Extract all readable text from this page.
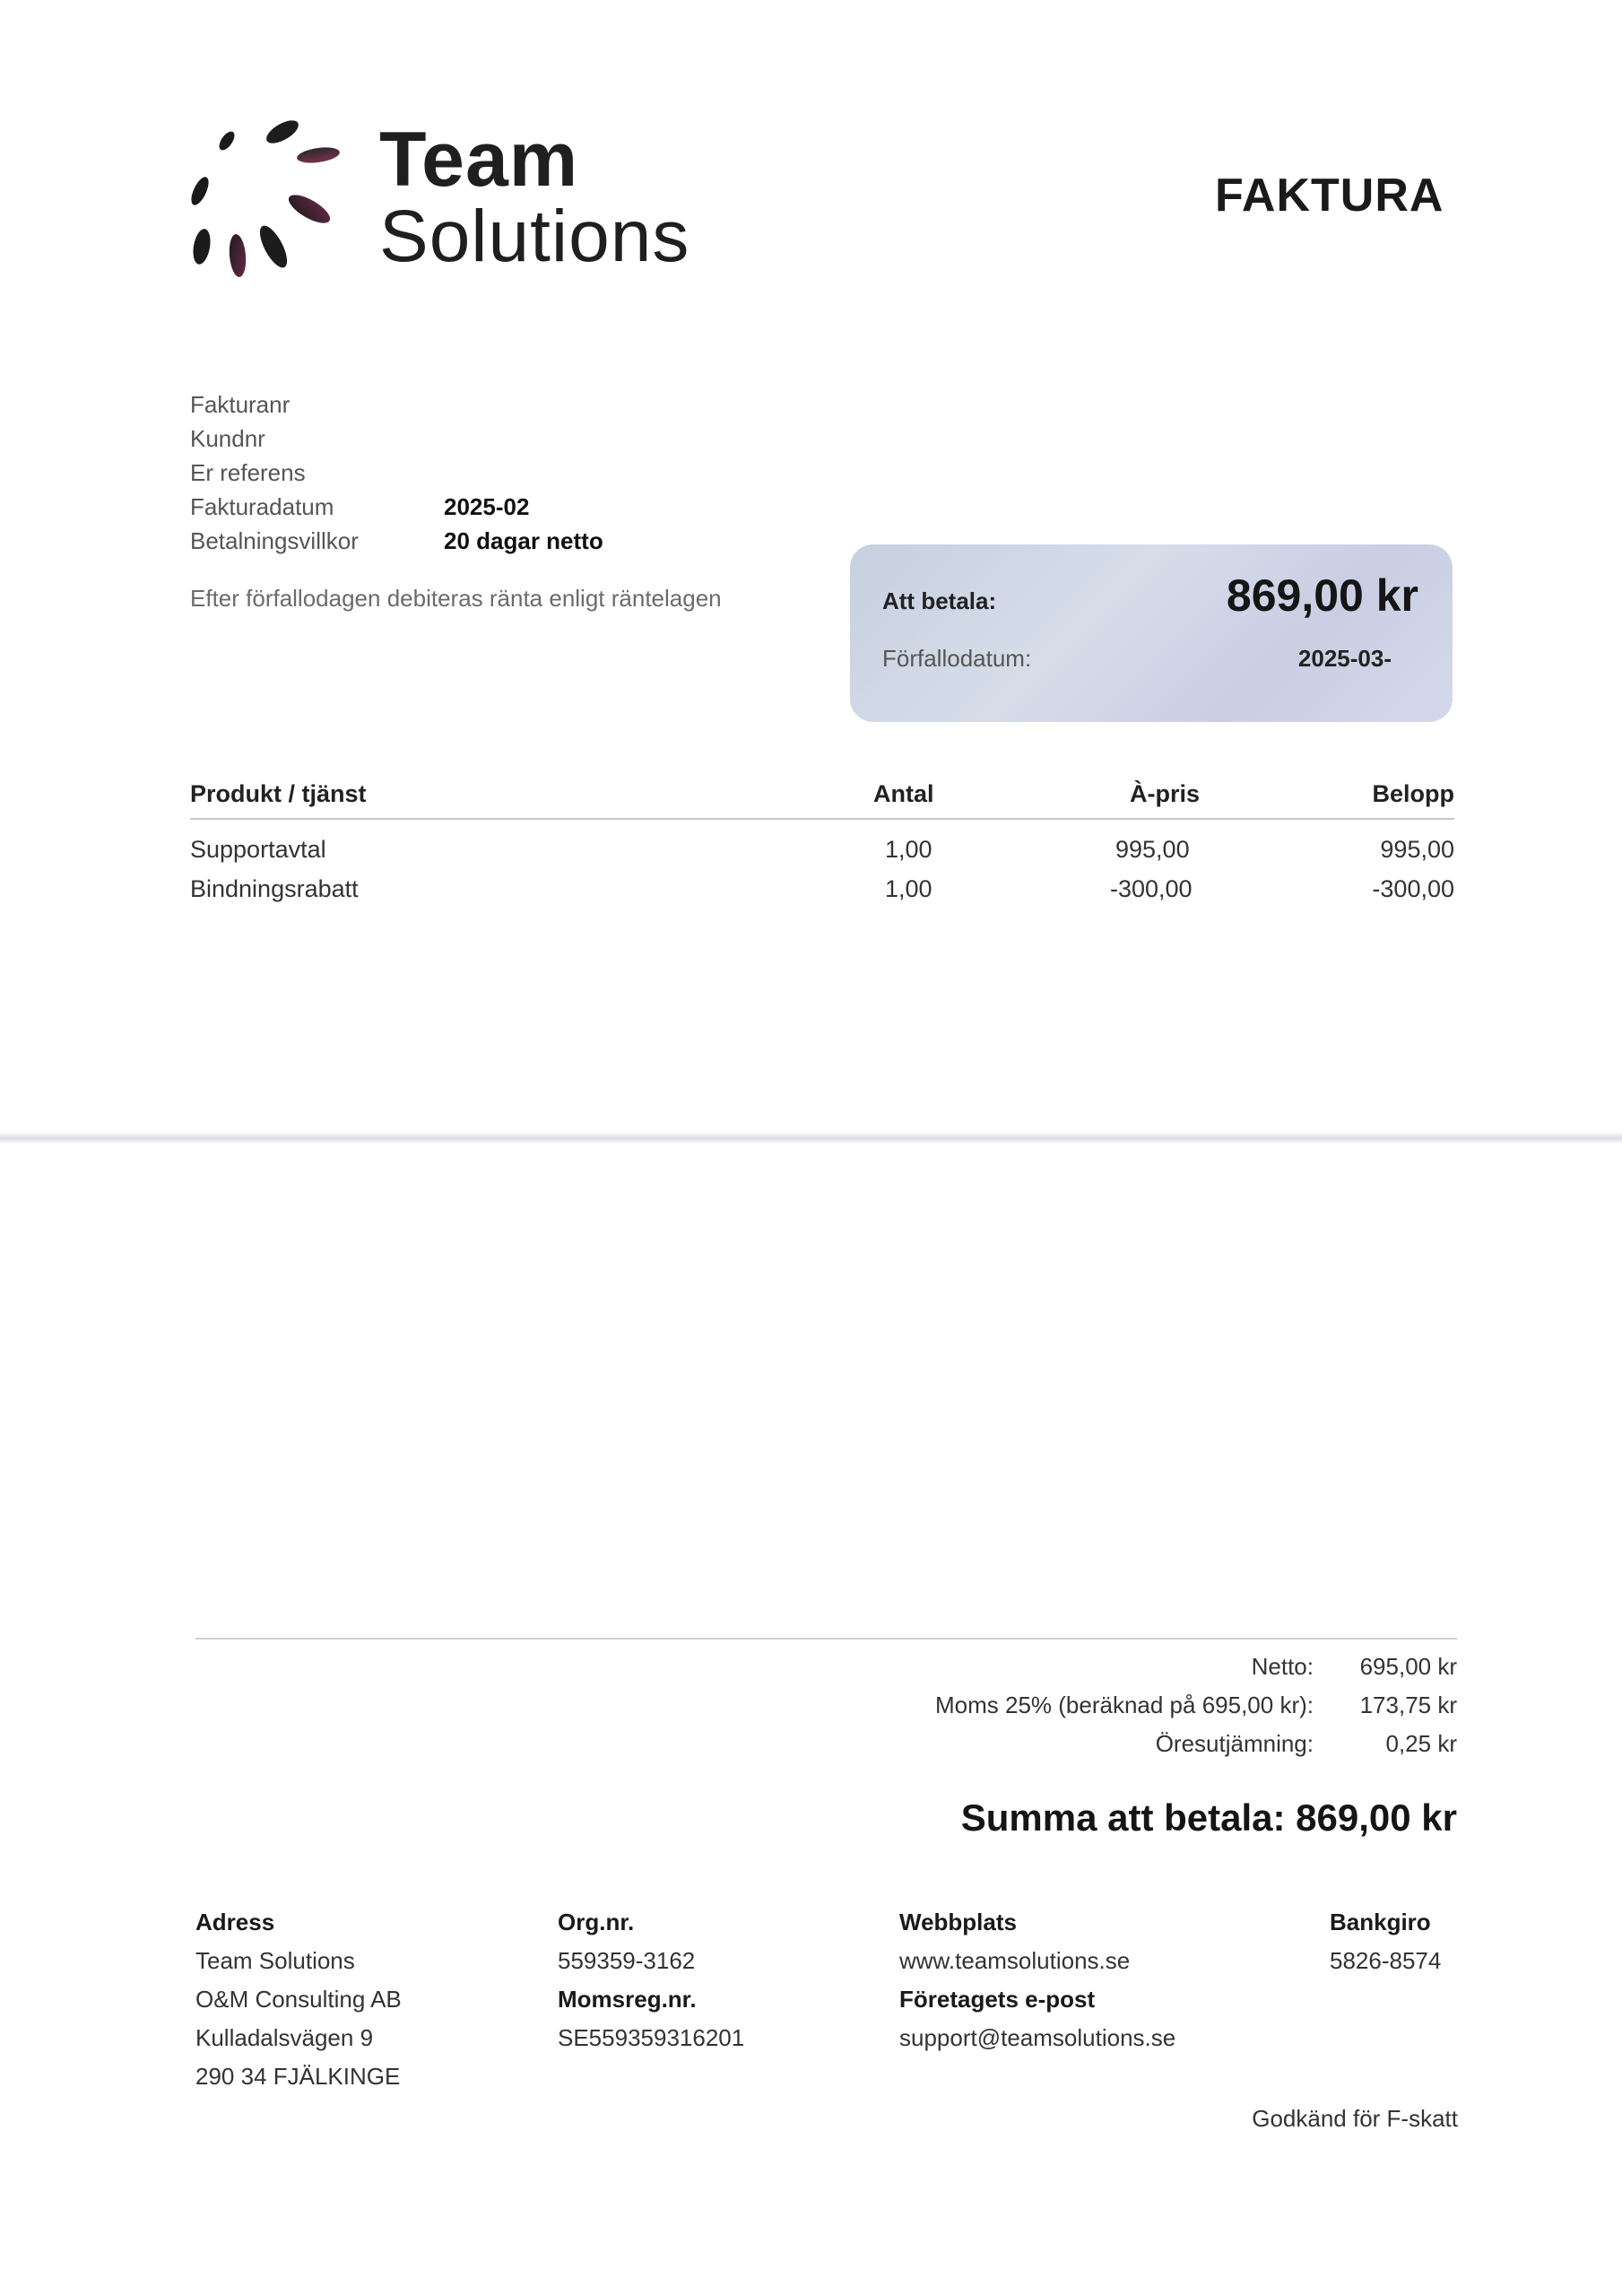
Team
Solutions	FAKTURA
Fakturanr
Kundnr
Er referens
Fakturadatum	2025-02
Betalningsvillkor	20 dagar netto
Efter förfallodagen debiteras ränta enligt räntelagen	Att betala:	869,00 kr
Förfallodatum:	2025-03-
Produkt / tjänst	Antal	À-pris	Belopp
Supportavtal	1,00	995,00	995,00
Bindningsrabatt	1,00	-300,00	-300,00
Netto: 695,00 kr
Moms 25% (beräknad på 695,00 kr): 173,75 kr
Öresutjämning:	0,25 kr
Summa att betala: 869,00 kr
Adress
Team Solutions
O&M Consulting AB
Kulladalsvägen 9
290 34 FJÄLKINGE
Org.nr.
559359-3162
Momsreg.nr.
SE559359316201
Webbplats
www.teamsolutions.se
Företagets e-post
support@teamsolutions.se
Bankgiro
5826-8574
Godkänd för F-skatt
